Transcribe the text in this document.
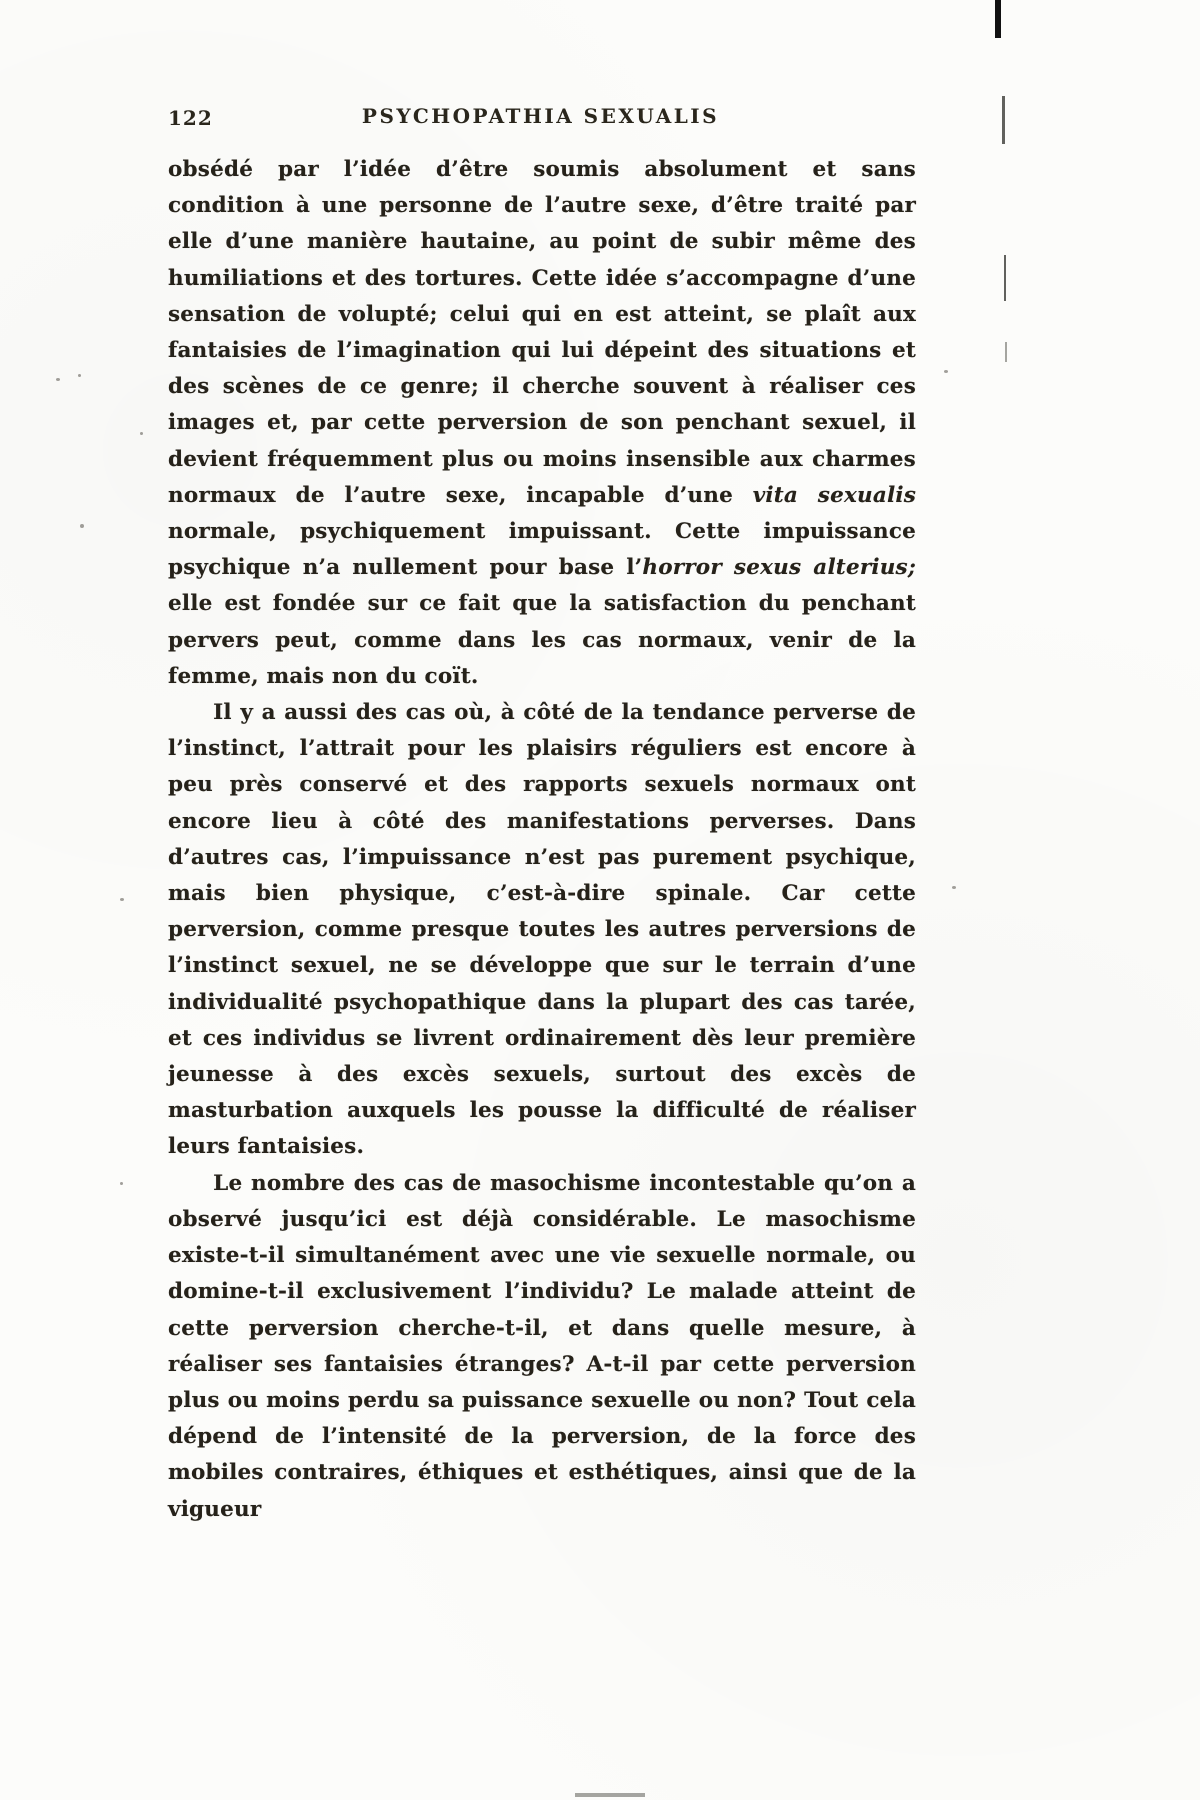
122	PSYCHOPATHIA SEXUALIS

obsédé par l’idée d’être soumis absolument et sans condition à une personne de l’autre sexe, d’être traité par elle d’une manière hautaine, au point de subir même des humiliations et des tortures. Cette idée s’accompagne d’une sensation de volupté; celui qui en est atteint, se plaît aux fantaisies de l’imagination qui lui dépeint des situations et des scènes de ce genre; il cherche souvent à réaliser ces images et, par cette perversion de son penchant sexuel, il devient fréquemment plus ou moins insensible aux charmes normaux de l’autre sexe, incapable d’une vita sexualis normale, psychiquement impuissant. Cette impuissance psychique n’a nullement pour base l’horror sexus alterius; elle est fondée sur ce fait que la satisfaction du penchant pervers peut, comme dans les cas normaux, venir de la femme, mais non du coït.

Il y a aussi des cas où, à côté de la tendance perverse de l’instinct, l’attrait pour les plaisirs réguliers est encore à peu près conservé et des rapports sexuels normaux ont encore lieu à côté des manifestations perverses. Dans d’autres cas, l’impuissance n’est pas purement psychique, mais bien physique, c’est-à-dire spinale. Car cette perversion, comme presque toutes les autres perversions de l’instinct sexuel, ne se développe que sur le terrain d’une individualité psychopathique dans la plupart des cas tarée, et ces individus se livrent ordinairement dès leur première jeunesse à des excès sexuels, surtout des excès de masturbation auxquels les pousse la difficulté de réaliser leurs fantaisies.

Le nombre des cas de masochisme incontestable qu’on a observé jusqu’ici est déjà considérable. Le masochisme existe-t-il simultanément avec une vie sexuelle normale, ou domine-t-il exclusivement l’individu? Le malade atteint de cette perversion cherche-t-il, et dans quelle mesure, à réaliser ses fantaisies étranges? A-t-il par cette perversion plus ou moins perdu sa puissance sexuelle ou non? Tout cela dépend de l’intensité de la perversion, de la force des mobiles contraires, éthiques et esthétiques, ainsi que de la vigueur
